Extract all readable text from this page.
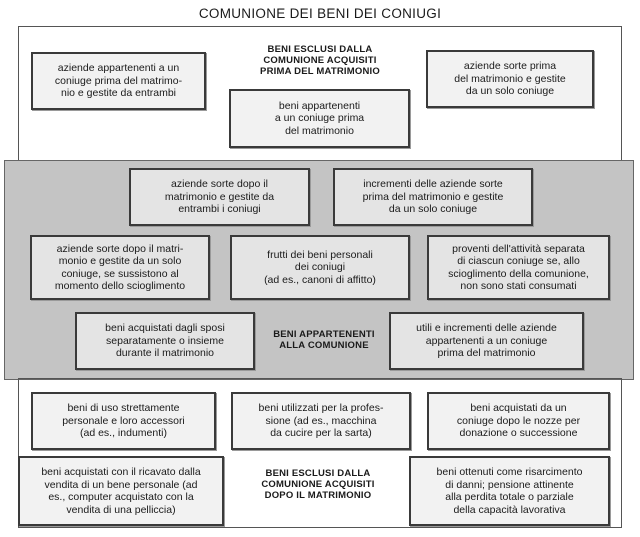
COMUNIONE DEI BENI DEI CONIUGI
BENI ESCLUSI DALLA
COMUNIONE ACQUISITI
PRIMA DEL MATRIMONIO
aziende appartenenti a un
coniuge prima del matrimo-
nio e gestite da entrambi
aziende sorte prima
del matrimonio e gestite
da un solo coniuge
beni appartenenti
a un coniuge prima
del matrimonio
aziende sorte dopo il
matrimonio e gestite da
entrambi i coniugi
incrementi delle aziende sorte
prima del matrimonio e gestite
da un solo coniuge
aziende sorte dopo il matri-
monio e gestite da un solo
coniuge, se sussistono al
momento dello scioglimento
frutti dei beni personali
dei coniugi
(ad es., canoni di affitto)
proventi dell'attività separata
di ciascun coniuge se, allo
scioglimento della comunione,
non sono stati consumati
beni acquistati dagli sposi
separatamente o insieme
durante il matrimonio
BENI APPARTENENTI
ALLA COMUNIONE
utili e incrementi delle aziende
appartenenti a un coniuge
prima del matrimonio
beni di uso strettamente
personale e loro accessori
(ad es., indumenti)
beni utilizzati per la profes-
sione (ad es., macchina
da cucire per la sarta)
beni acquistati da un
coniuge dopo le nozze per
donazione o successione
beni acquistati con il ricavato dalla
vendita di un bene personale (ad
es., computer acquistato con la
vendita di una pelliccia)
BENI ESCLUSI DALLA
COMUNIONE ACQUISITI
DOPO IL MATRIMONIO
beni ottenuti come risarcimento
di danni; pensione attinente
alla perdita totale o parziale
della capacità lavorativa
